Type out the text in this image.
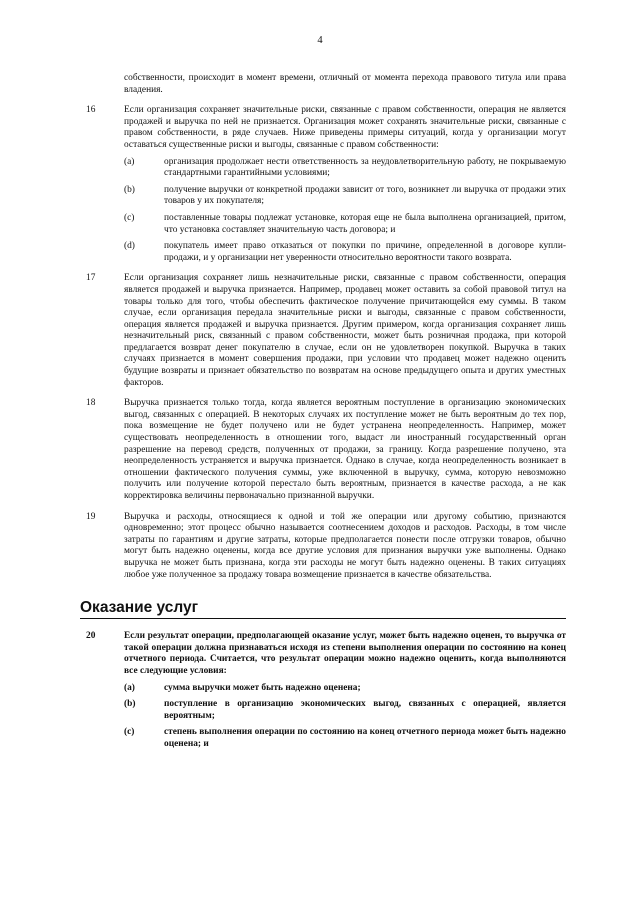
4
собственности, происходит в момент времени, отличный от момента перехода правового титула или права владения.
16	Если организация сохраняет значительные риски, связанные с правом собственности, операция не является продажей и выручка по ней не признается. Организация может сохранять значительные риски, связанные с правом собственности, в ряде случаев. Ниже приведены примеры ситуаций, когда у организации могут оставаться существенные риски и выгоды, связанные с правом собственности:
(a)	организация продолжает нести ответственность за неудовлетворительную работу, не покрываемую стандартными гарантийными условиями;
(b)	получение выручки от конкретной продажи зависит от того, возникнет ли выручка от продажи этих товаров у их покупателя;
(c)	поставленные товары подлежат установке, которая еще не была выполнена организацией, притом, что установка составляет значительную часть договора; и
(d)	покупатель имеет право отказаться от покупки по причине, определенной в договоре купли-продажи, и у организации нет уверенности относительно вероятности такого возврата.
17	Если организация сохраняет лишь незначительные риски, связанные с правом собственности, операция является продажей и выручка признается. Например, продавец может оставить за собой правовой титул на товары только для того, чтобы обеспечить фактическое получение причитающейся ему суммы. В таком случае, если организация передала значительные риски и выгоды, связанные с правом собственности, операция является продажей и выручка признается. Другим примером, когда организация сохраняет лишь незначительный риск, связанный с правом собственности, может быть розничная продажа, при которой предлагается возврат денег покупателю в случае, если он не удовлетворен покупкой. Выручка в таких случаях признается в момент совершения продажи, при условии что продавец может надежно оценить будущие возвраты и признает обязательство по возвратам на основе предыдущего опыта и других уместных факторов.
18	Выручка признается только тогда, когда является вероятным поступление в организацию экономических выгод, связанных с операцией. В некоторых случаях их поступление может не быть вероятным до тех пор, пока возмещение не будет получено или не будет устранена неопределенность. Например, может существовать неопределенность в отношении того, выдаст ли иностранный государственный орган разрешение на перевод средств, полученных от продажи, за границу. Когда разрешение получено, эта неопределенность устраняется и выручка признается. Однако в случае, когда неопределенность возникает в отношении фактического получения суммы, уже включенной в выручку, сумма, которую невозможно получить или получение которой перестало быть вероятным, признается в качестве расхода, а не как корректировка величины первоначально признанной выручки.
19	Выручка и расходы, относящиеся к одной и той же операции или другому событию, признаются одновременно; этот процесс обычно называется соотнесением доходов и расходов. Расходы, в том числе затраты по гарантиям и другие затраты, которые предполагается понести после отгрузки товаров, обычно могут быть надежно оценены, когда все другие условия для признания выручки уже выполнены. Однако выручка не может быть признана, когда эти расходы не могут быть надежно оценены. В таких ситуациях любое уже полученное за продажу товара возмещение признается в качестве обязательства.
Оказание услуг
20	Если результат операции, предполагающей оказание услуг, может быть надежно оценен, то выручка от такой операции должна признаваться исходя из степени выполнения операции по состоянию на конец отчетного периода. Считается, что результат операции можно надежно оценить, когда выполняются все следующие условия:
(a)	сумма выручки может быть надежно оценена;
(b)	поступление в организацию экономических выгод, связанных с операцией, является вероятным;
(c)	степень выполнения операции по состоянию на конец отчетного периода может быть надежно оценена; и
